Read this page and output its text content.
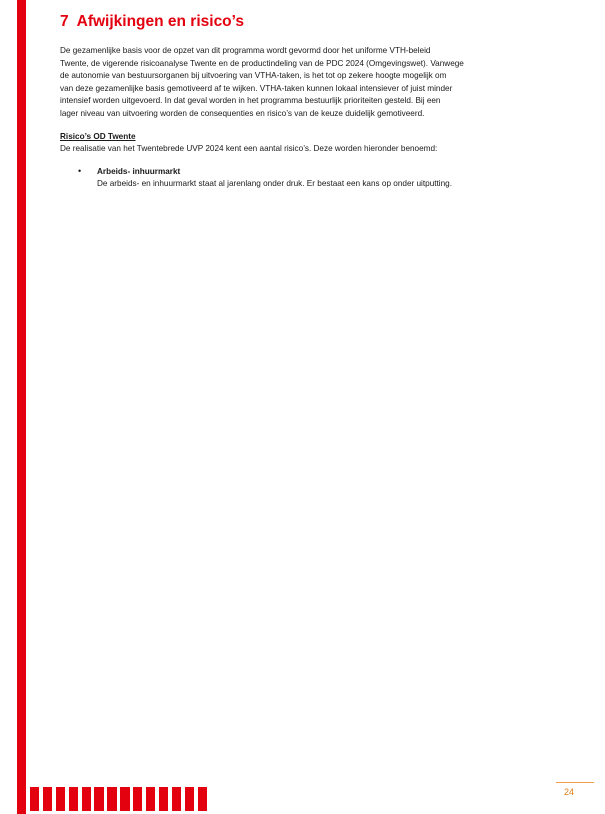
7 Afwijkingen en risico’s
De gezamenlijke basis voor de opzet van dit programma wordt gevormd door het uniforme VTH-beleid
Twente, de vigerende risicoanalyse Twente en de productindeling van de PDC 2024 (Omgevingswet). Vanwege
de autonomie van bestuursorganen bij uitvoering van VTHA-taken, is het tot op zekere hoogte mogelijk om
van deze gezamenlijke basis gemotiveerd af te wijken. VTHA-taken kunnen lokaal intensiever of juist minder
intensief worden uitgevoerd. In dat geval worden in het programma bestuurlijk prioriteiten gesteld. Bij een
lager niveau van uitvoering worden de consequenties en risico’s van de keuze duidelijk gemotiveerd.
Risico’s OD Twente
De realisatie van het Twentebrede UVP 2024 kent een aantal risico’s. Deze worden hieronder benoemd:
• Arbeids- inhuurmarkt
De arbeids- en inhuurmarkt staat al jarenlang onder druk. Er bestaat een kans op onder uitputting.
24
